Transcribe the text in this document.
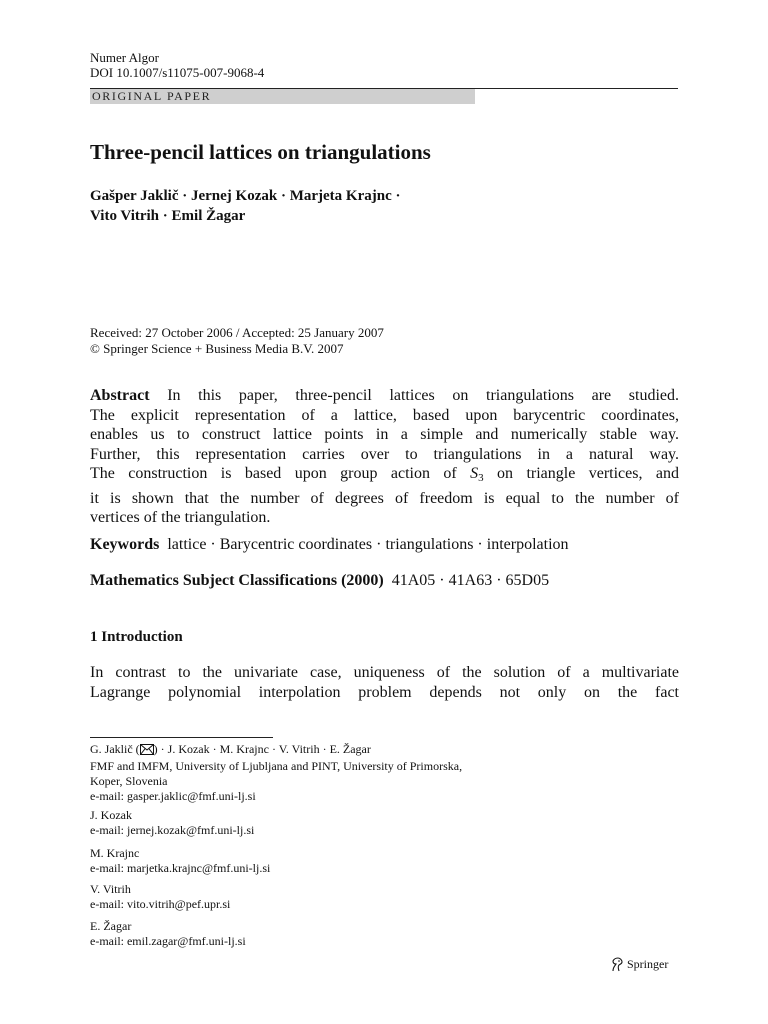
Numer Algor
DOI 10.1007/s11075-007-9068-4
ORIGINAL PAPER
Three-pencil lattices on triangulations
Gašper Jaklič · Jernej Kozak · Marjeta Krajnc ·
Vito Vitrih · Emil Žagar
Received: 27 October 2006 / Accepted: 25 January 2007
© Springer Science + Business Media B.V. 2007
Abstract In this paper, three-pencil lattices on triangulations are studied.
The explicit representation of a lattice, based upon barycentric coordinates,
enables us to construct lattice points in a simple and numerically stable way.
Further, this representation carries over to triangulations in a natural way.
The construction is based upon group action of $S_3$ on triangle vertices, and
it is shown that the number of degrees of freedom is equal to the number of
vertices of the triangulation.
Keywords lattice · Barycentric coordinates · triangulations · interpolation
Mathematics Subject Classifications (2000) 41A05 · 41A63 · 65D05
1 Introduction
In contrast to the univariate case, uniqueness of the solution of a multivariate
Lagrange polynomial interpolation problem depends not only on the fact
G. Jaklič ( ) · J. Kozak · M. Krajnc · V. Vitrih · E. Žagar
FMF and IMFM, University of Ljubljana and PINT, University of Primorska,
Koper, Slovenia
e-mail: gasper.jaklic@fmf.uni-lj.si
J. Kozak
e-mail: jernej.kozak@fmf.uni-lj.si
M. Krajnc
e-mail: marjetka.krajnc@fmf.uni-lj.si
V. Vitrih
e-mail: vito.vitrih@pef.upr.si
E. Žagar
e-mail: emil.zagar@fmf.uni-lj.si
Springer
